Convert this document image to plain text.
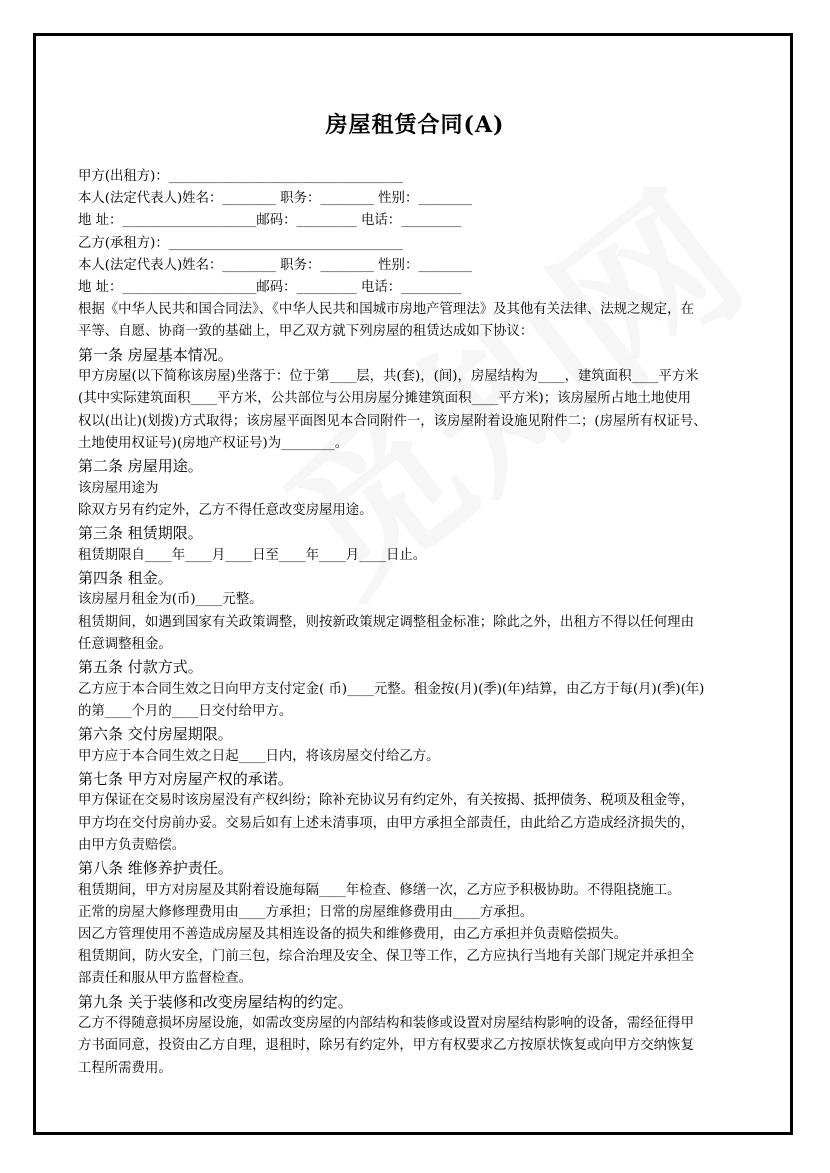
房屋租赁合同(A)
甲方(出租方)：___________________________________
本人(法定代表人)姓名：________ 职务：________ 性别：________
地 址：____________________邮码：_________ 电话：_________
乙方(承租方)：___________________________________
本人(法定代表人)姓名：________ 职务：________ 性别：________
地 址：____________________邮码：_________ 电话：_________
根据《中华人民共和国合同法》、《中华人民共和国城市房地产管理法》及其他有关法律、法规之规定，在
平等、自愿、协商一致的基础上，甲乙双方就下列房屋的租赁达成如下协议：
第一条 房屋基本情况。
甲方房屋(以下简称该房屋)坐落于：位于第____层，共(套)，(间)，房屋结构为____，建筑面积____平方米
(其中实际建筑面积____平方米，公共部位与公用房屋分摊建筑面积____平方米)；该房屋所占地土地使用
权以(出让)(划拨)方式取得；该房屋平面图见本合同附件一，该房屋附着设施见附件二；(房屋所有权证号、
土地使用权证号)(房地产权证号)为________。
第二条 房屋用途。
该房屋用途为
除双方另有约定外，乙方不得任意改变房屋用途。
第三条 租赁期限。
租赁期限自____年____月____日至____年____月____日止。
第四条 租金。
该房屋月租金为(币)____元整。
租赁期间，如遇到国家有关政策调整，则按新政策规定调整租金标准；除此之外，出租方不得以任何理由
任意调整租金。
第五条 付款方式。
乙方应于本合同生效之日向甲方支付定金( 币)____元整。租金按(月)(季)(年)结算，由乙方于每(月)(季)(年)
的第____个月的____日交付给甲方。
第六条 交付房屋期限。
甲方应于本合同生效之日起____日内，将该房屋交付给乙方。
第七条 甲方对房屋产权的承诺。
甲方保证在交易时该房屋没有产权纠纷；除补充协议另有约定外，有关按揭、抵押债务、税项及租金等，
甲方均在交付房前办妥。交易后如有上述未清事项，由甲方承担全部责任，由此给乙方造成经济损失的，
由甲方负责赔偿。
第八条 维修养护责任。
租赁期间，甲方对房屋及其附着设施每隔____年检查、修缮一次，乙方应予积极协助。不得阻挠施工。
正常的房屋大修修理费用由____方承担；日常的房屋维修费用由____方承担。
因乙方管理使用不善造成房屋及其相连设备的损失和维修费用，由乙方承担并负责赔偿损失。
租赁期间，防火安全，门前三包，综合治理及安全、保卫等工作，乙方应执行当地有关部门规定并承担全
部责任和服从甲方监督检查。
第九条 关于装修和改变房屋结构的约定。
乙方不得随意损坏房屋设施，如需改变房屋的内部结构和装修或设置对房屋结构影响的设备，需经征得甲
方书面同意，投资由乙方自理，退租时，除另有约定外，甲方有权要求乙方按原状恢复或向甲方交纳恢复
工程所需费用。
